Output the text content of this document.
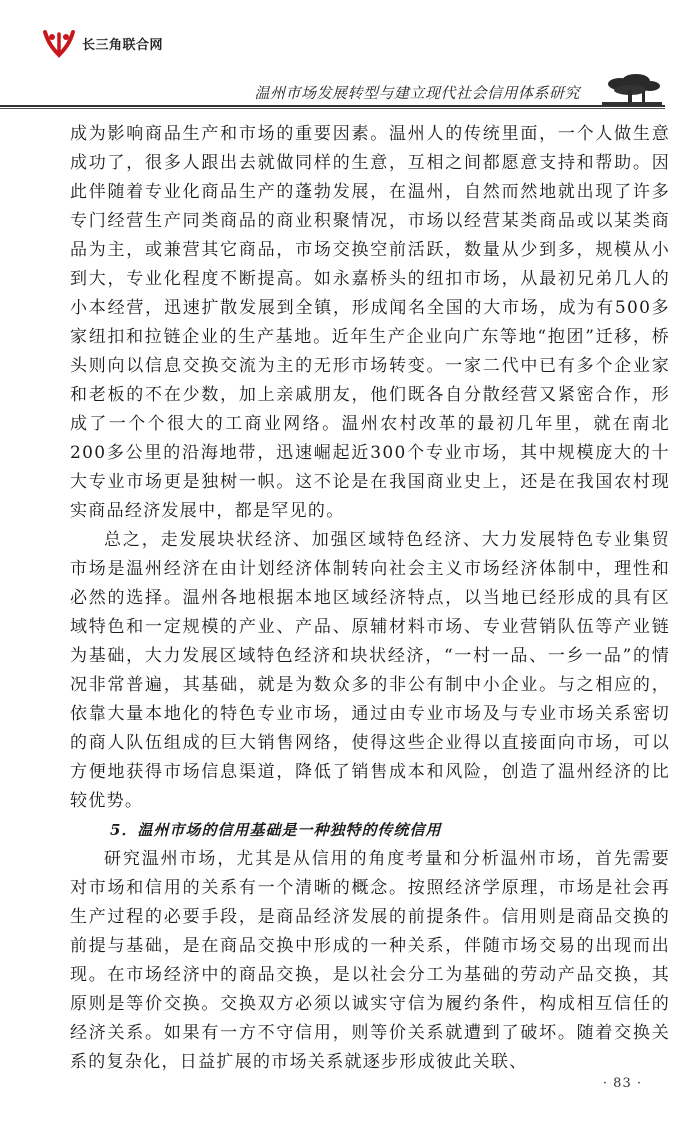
长三角联合网
温州市场发展转型与建立现代社会信用体系研究

成为影响商品生产和市场的重要因素。温州人的传统里面，一个人做生意成功了，很多人跟出去就做同样的生意，互相之间都愿意支持和帮助。因此伴随着专业化商品生产的蓬勃发展，在温州，自然而然地就出现了许多专门经营生产同类商品的商业积聚情况，市场以经营某类商品或以某类商品为主，或兼营其它商品，市场交换空前活跃，数量从少到多，规模从小到大，专业化程度不断提高。如永嘉桥头的纽扣市场，从最初兄弟几人的小本经营，迅速扩散发展到全镇，形成闻名全国的大市场，成为有500多家纽扣和拉链企业的生产基地。近年生产企业向广东等地“抱团”迁移，桥头则向以信息交换交流为主的无形市场转变。一家二代中已有多个企业家和老板的不在少数，加上亲戚朋友，他们既各自分散经营又紧密合作，形成了一个个很大的工商业网络。温州农村改革的最初几年里，就在南北200多公里的沿海地带，迅速崛起近300个专业市场，其中规模庞大的十大专业市场更是独树一帜。这不论是在我国商业史上，还是在我国农村现实商品经济发展中，都是罕见的。

总之，走发展块状经济、加强区域特色经济、大力发展特色专业集贸市场是温州经济在由计划经济体制转向社会主义市场经济体制中，理性和必然的选择。温州各地根据本地区域经济特点，以当地已经形成的具有区域特色和一定规模的产业、产品、原辅材料市场、专业营销队伍等产业链为基础，大力发展区域特色经济和块状经济，“一村一品、一乡一品”的情况非常普遍，其基础，就是为数众多的非公有制中小企业。与之相应的，依靠大量本地化的特色专业市场，通过由专业市场及与专业市场关系密切的商人队伍组成的巨大销售网络，使得这些企业得以直接面向市场，可以方便地获得市场信息渠道，降低了销售成本和风险，创造了温州经济的比较优势。

5．温州市场的信用基础是一种独特的传统信用

研究温州市场，尤其是从信用的角度考量和分析温州市场，首先需要对市场和信用的关系有一个清晰的概念。按照经济学原理，市场是社会再生产过程的必要手段，是商品经济发展的前提条件。信用则是商品交换的前提与基础，是在商品交换中形成的一种关系，伴随市场交易的出现而出现。在市场经济中的商品交换，是以社会分工为基础的劳动产品交换，其原则是等价交换。交换双方必须以诚实守信为履约条件，构成相互信任的经济关系。如果有一方不守信用，则等价关系就遭到了破坏。随着交换关系的复杂化，日益扩展的市场关系就逐步形成彼此关联、

· 83 ·
